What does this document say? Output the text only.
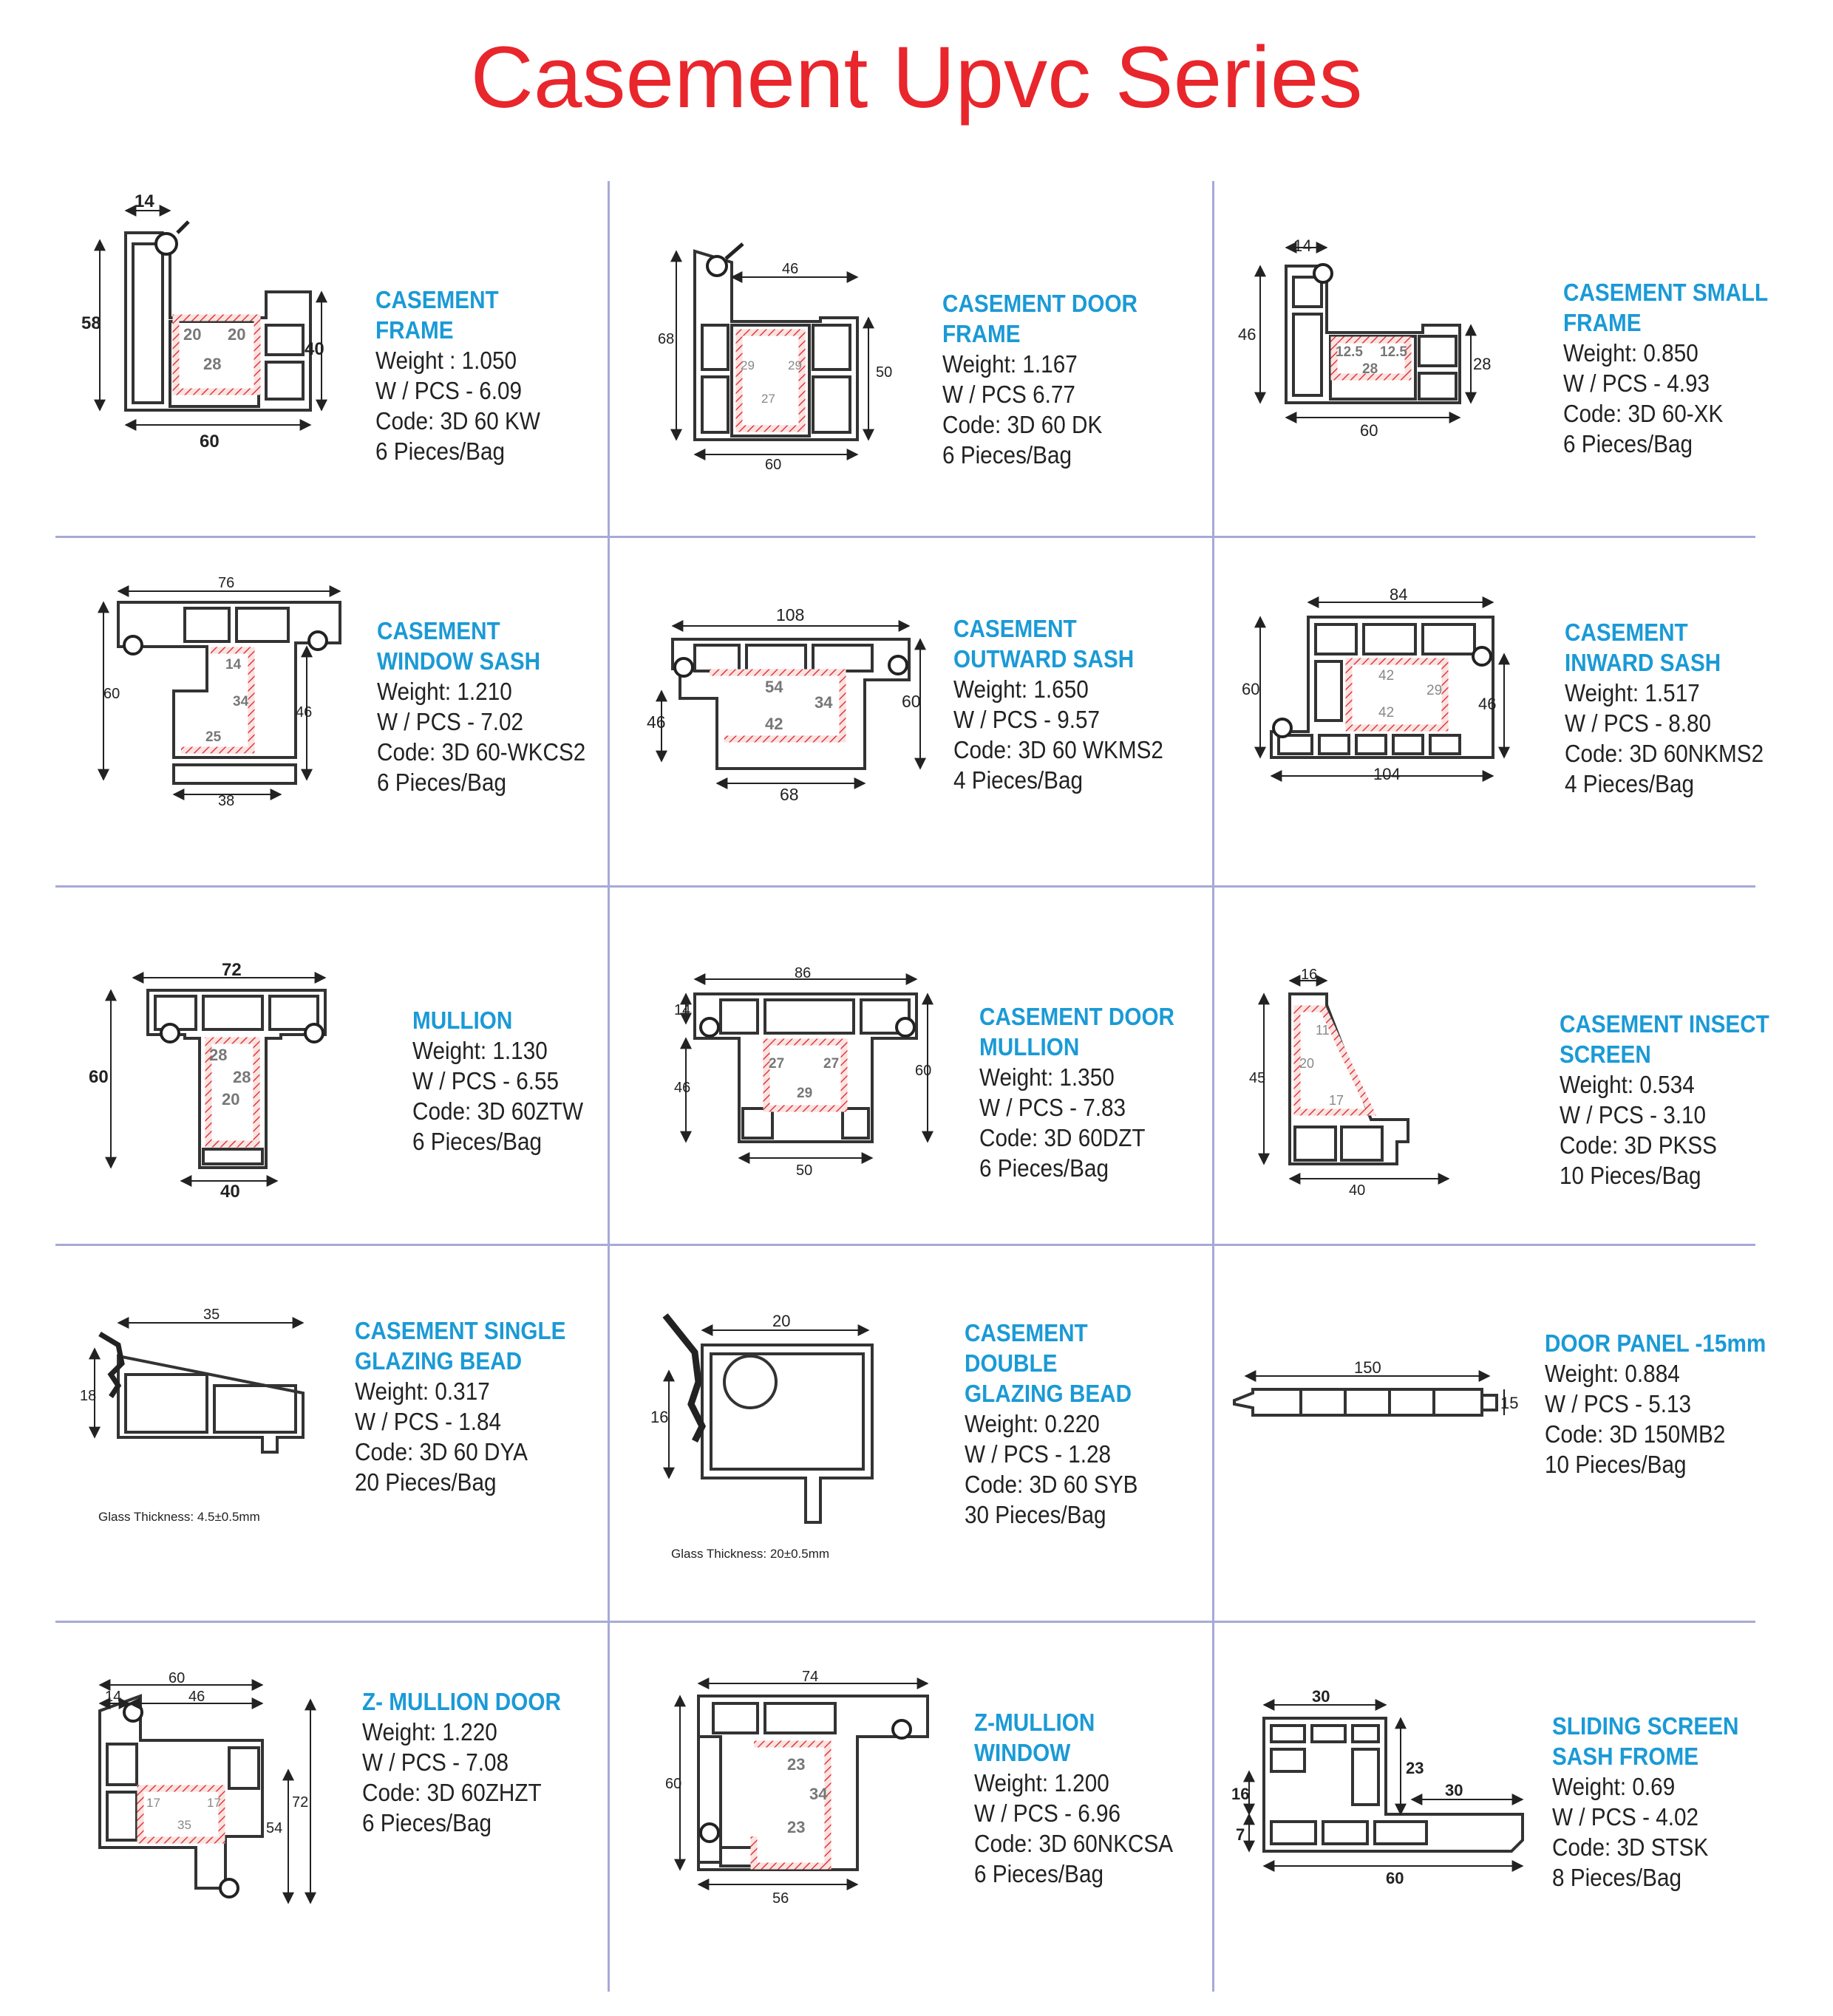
Casement Upvc Series
14
58
40
60
20 20
28
CASEMENT FRAME
Weight : 1.050
W / PCS - 6.09
Code: 3D 60 KW
6 Pieces/Bag
46
68
50
60
29	29
27
CASEMENT DOOR
FRAME
Weight: 1.167
W / PCS 6.77
Code: 3D 60 DK
6 Pieces/Bag
14
46
28
60
12.5 12.5
28
CASEMENT SMALL
FRAME
Weight: 0.850
W / PCS - 4.93
Code: 3D 60-XK
6 Pieces/Bag
76
60
46
38
14
34
25
CASEMENT
WINDOW SASH
Weight: 1.210
W / PCS - 7.02
Code: 3D 60-WKCS2
6 Pieces/Bag
108
46
60
68
54
34
42
CASEMENT
OUTWARD SASH
Weight: 1.650
W / PCS - 9.57
Code: 3D 60 WKMS2
4 Pieces/Bag
84
60
46
104
42
29
42
CASEMENT
INWARD SASH
Weight: 1.517
W / PCS - 8.80
Code: 3D 60NKMS2
4 Pieces/Bag
72
60
40
28
28
20
MULLION
Weight: 1.130
W / PCS - 6.55
Code: 3D 60ZTW
6 Pieces/Bag
86
14
46
60
50
27	27
29
CASEMENT DOOR
MULLION
Weight: 1.350
W / PCS - 7.83
Code: 3D 60DZT
6 Pieces/Bag
16
45
40
11
20
17
CASEMENT INSECT
SCREEN
Weight: 0.534
W / PCS - 3.10
Code: 3D PKSS
10 Pieces/Bag
35
18
Glass Thickness: 4.5±0.5mm
CASEMENT SINGLE
GLAZING BEAD
Weight: 0.317
W / PCS - 1.84
Code: 3D 60 DYA
20 Pieces/Bag
20
16
Glass Thickness: 20±0.5mm
CASEMENT DOUBLE
GLAZING BEAD
Weight: 0.220
W / PCS - 1.28
Code: 3D 60 SYB
30 Pieces/Bag
150
15
DOOR PANEL -15mm
Weight: 0.884
W / PCS - 5.13
Code: 3D 150MB2
10 Pieces/Bag
60
14	46
72
54
17	17
35
Z- MULLION DOOR
Weight: 1.220
W / PCS - 7.08
Code: 3D 60ZHZT
6 Pieces/Bag
74
60
56
23
34
23
Z-MULLION WINDOW
Weight: 1.200
W / PCS - 6.96
Code: 3D 60NKCSA
6 Pieces/Bag
30
16
23
30
7
60
SLIDING SCREEN
SASH FROME
Weight: 0.69
W / PCS - 4.02
Code: 3D STSK
8 Pieces/Bag
